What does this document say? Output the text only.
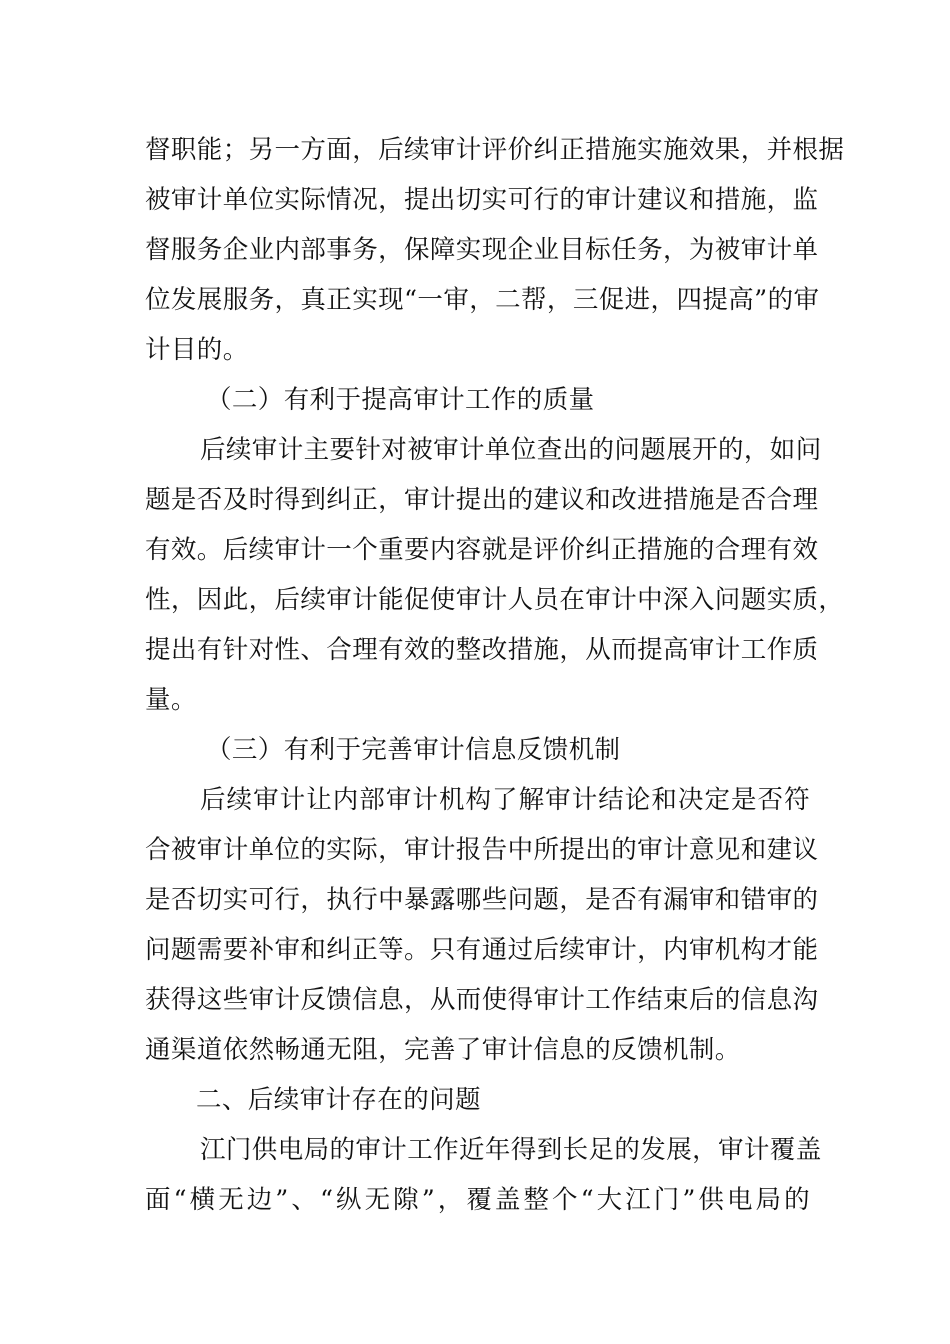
督职能；另一方面，后续审计评价纠正措施实施效果，并根据
被审计单位实际情况，提出切实可行的审计建议和措施，监
督服务企业内部事务，保障实现企业目标任务，为被审计单
位发展服务，真正实现“一审，二帮，三促进，四提高”的审
计目的。
（二）有利于提高审计工作的质量
后续审计主要针对被审计单位查出的问题展开的，如问
题是否及时得到纠正，审计提出的建议和改进措施是否合理
有效。后续审计一个重要内容就是评价纠正措施的合理有效
性，因此，后续审计能促使审计人员在审计中深入问题实质，
提出有针对性、合理有效的整改措施，从而提高审计工作质
量。
（三）有利于完善审计信息反馈机制
后续审计让内部审计机构了解审计结论和决定是否符
合被审计单位的实际，审计报告中所提出的审计意见和建议
是否切实可行，执行中暴露哪些问题，是否有漏审和错审的
问题需要补审和纠正等。只有通过后续审计，内审机构才能
获得这些审计反馈信息，从而使得审计工作结束后的信息沟
通渠道依然畅通无阻，完善了审计信息的反馈机制。
二、后续审计存在的问题
江门供电局的审计工作近年得到长足的发展，审计覆盖
面“横无边”、“纵无隙”，覆盖整个“大江门”供电局的
